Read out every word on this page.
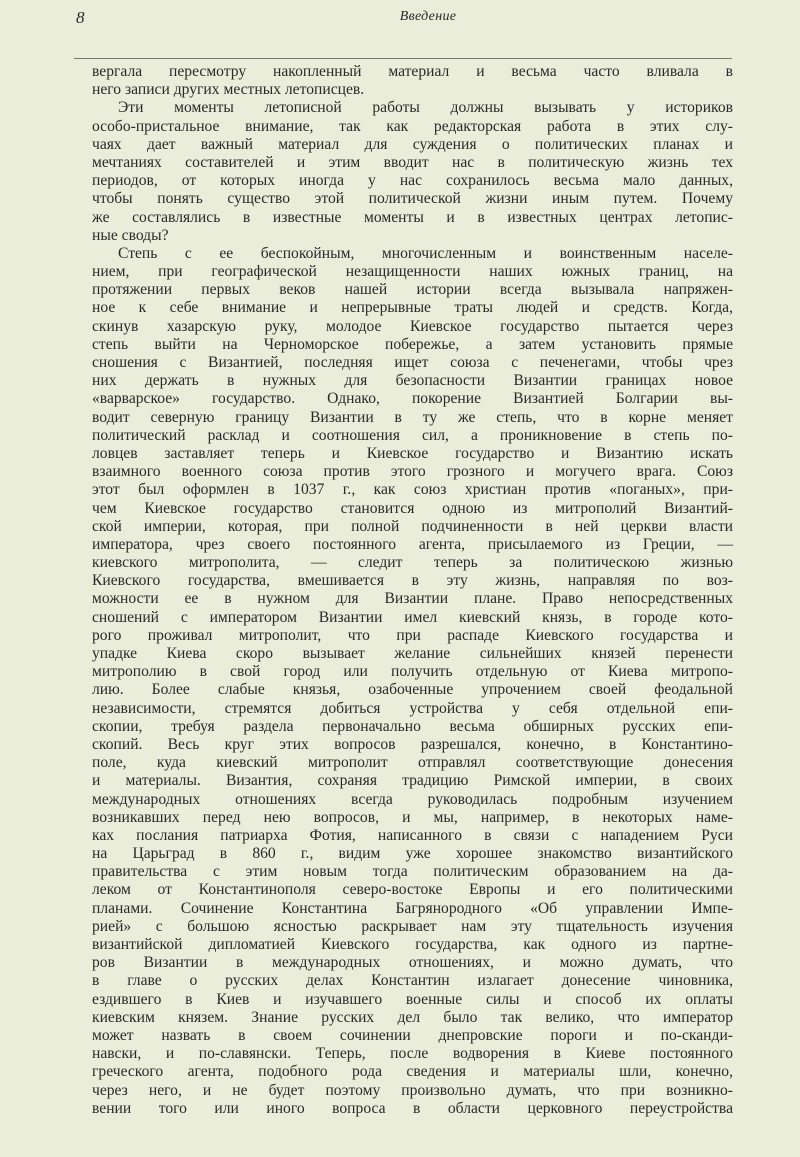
8	Введение
вергала пересмотру накопленный материал и весьма часто вливала в
него записи других местных летописцев.
Эти моменты летописной работы должны вызывать у историков
особо-пристальное внимание, так как редакторская работа в этих слу-
чаях дает важный материал для суждения о политических планах и
мечтаниях составителей и этим вводит нас в политическую жизнь тех
периодов, от которых иногда у нас сохранилось весьма мало данных,
чтобы понять существо этой политической жизни иным путем. Почему
же составлялись в известные моменты и в известных центрах летопис-
ные своды?
Степь с ее беспокойным, многочисленным и воинственным населе-
нием, при географической незащищенности наших южных границ, на
протяжении первых веков нашей истории всегда вызывала напряжен-
ное к себе внимание и непрерывные траты людей и средств. Когда,
скинув хазарскую руку, молодое Киевское государство пытается через
степь выйти на Черноморское побережье, а затем установить прямые
сношения с Византией, последняя ищет союза с печенегами, чтобы чрез
них держать в нужных для безопасности Византии границах новое
«варварское» государство. Однако, покорение Византией Болгарии вы-
водит северную границу Византии в ту же степь, что в корне меняет
политический расклад и соотношения сил, а проникновение в степь по-
ловцев заставляет теперь и Киевское государство и Византию искать
взаимного военного союза против этого грозного и могучего врага. Союз
этот был оформлен в 1037 г., как союз христиан против «поганых», при-
чем Киевское государство становится одною из митрополий Византий-
ской империи, которая, при полной подчиненности в ней церкви власти
императора, чрез своего постоянного агента, присылаемого из Греции, —
киевского митрополита, — следит теперь за политическою жизнью
Киевского государства, вмешивается в эту жизнь, направляя по воз-
можности ее в нужном для Византии плане. Право непосредственных
сношений с императором Византии имел киевский князь, в городе кото-
рого проживал митрополит, что при распаде Киевского государства и
упадке Киева скоро вызывает желание сильнейших князей перенести
митрополию в свой город или получить отдельную от Киева митропо-
лию. Более слабые князья, озабоченные упрочением своей феодальной
независимости, стремятся добиться устройства у себя отдельной епи-
скопии, требуя раздела первоначально весьма обширных русских епи-
скопий. Весь круг этих вопросов разрешался, конечно, в Константино-
поле, куда киевский митрополит отправлял соответствующие донесения
и материалы. Византия, сохраняя традицию Римской империи, в своих
международных отношениях всегда руководилась подробным изучением
возникавших перед нею вопросов, и мы, например, в некоторых наме-
ках послания патриарха Фотия, написанного в связи с нападением Руси
на Царьград в 860 г., видим уже хорошее знакомство византийского
правительства с этим новым тогда политическим образованием на да-
леком от Константинополя северо-востоке Европы и его политическими
планами. Сочинение Константина Багрянородного «Об управлении Импе-
рией» с большою ясностью раскрывает нам эту тщательность изучения
византийской дипломатией Киевского государства, как одного из партне-
ров Византии в международных отношениях, и можно думать, что
в главе о русских делах Константин излагает донесение чиновника,
ездившего в Киев и изучавшего военные силы и способ их оплаты
киевским князем. Знание русских дел было так велико, что император
может назвать в своем сочинении днепровские пороги и по-сканди-
навски, и по-славянски. Теперь, после водворения в Киеве постоянного
греческого агента, подобного рода сведения и материалы шли, конечно,
через него, и не будет поэтому произвольно думать, что при возникно-
вении того или иного вопроса в области церковного переустройства
